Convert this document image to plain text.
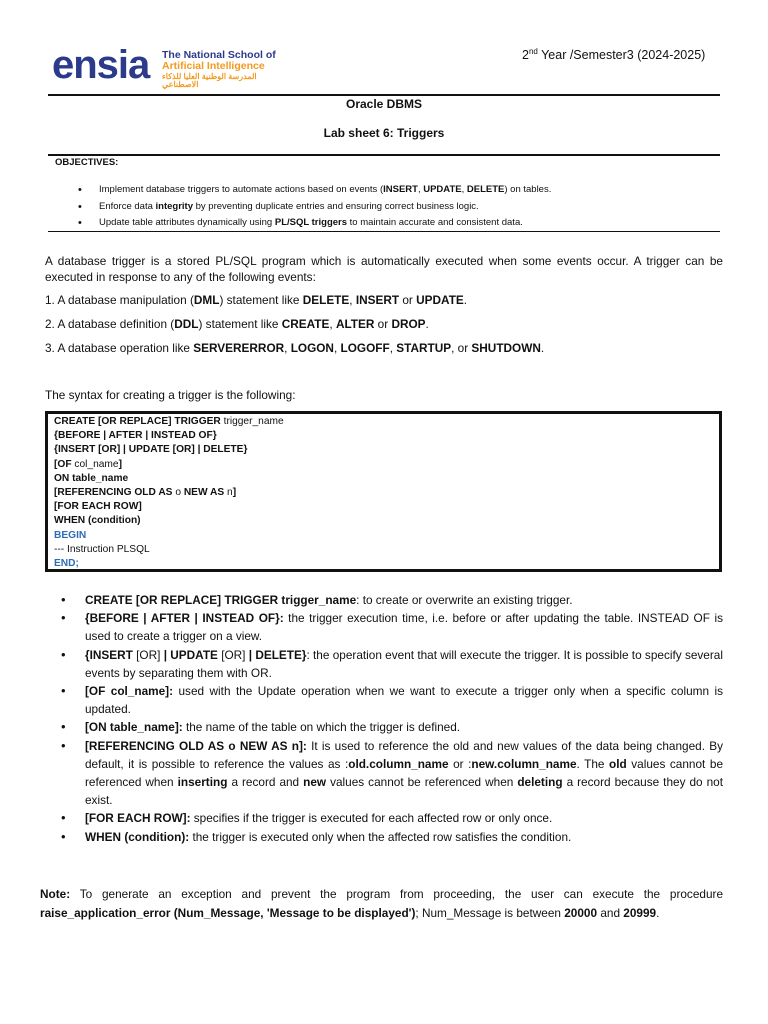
ensia The National School of
Artificial Intelligence
المدرسة الوطنية العليا للذكاء الاصطناعي
2nd Year /Semester3 (2024-2025)
Oracle DBMS
Lab sheet 6: Triggers
OBJECTIVES:
• Implement database triggers to automate actions based on events (INSERT, UPDATE, DELETE) on tables.
• Enforce data integrity by preventing duplicate entries and ensuring correct business logic.
• Update table attributes dynamically using PL/SQL triggers to maintain accurate and consistent data.
A database trigger is a stored PL/SQL program which is automatically executed when some events occur. A trigger can be executed in response to any of the following events:
1. A database manipulation (DML) statement like DELETE, INSERT or UPDATE.
2. A database definition (DDL) statement like CREATE, ALTER or DROP.
3. A database operation like SERVERERROR, LOGON, LOGOFF, STARTUP, or SHUTDOWN.
The syntax for creating a trigger is the following:
CREATE [OR REPLACE] TRIGGER trigger_name
{BEFORE | AFTER | INSTEAD OF}
{INSERT [OR] | UPDATE [OR] | DELETE}
[OF col_name]
ON table_name
[REFERENCING OLD AS o NEW AS n]
[FOR EACH ROW]
WHEN (condition)
BEGIN
--- Instruction PLSQL
END;
• CREATE [OR REPLACE] TRIGGER trigger_name: to create or overwrite an existing trigger.
• {BEFORE | AFTER | INSTEAD OF}: the trigger execution time, i.e. before or after updating the table. INSTEAD OF is used to create a trigger on a view.
• {INSERT [OR] | UPDATE [OR] | DELETE}: the operation event that will execute the trigger. It is possible to specify several events by separating them with OR.
• [OF col_name]: used with the Update operation when we want to execute a trigger only when a specific column is updated.
• [ON table_name]: the name of the table on which the trigger is defined.
• [REFERENCING OLD AS o NEW AS n]: It is used to reference the old and new values of the data being changed. By default, it is possible to reference the values as :old.column_name or :new.column_name. The old values cannot be referenced when inserting a record and new values cannot be referenced when deleting a record because they do not exist.
• [FOR EACH ROW]: specifies if the trigger is executed for each affected row or only once.
• WHEN (condition): the trigger is executed only when the affected row satisfies the condition.
Note: To generate an exception and prevent the program from proceeding, the user can execute the procedure raise_application_error (Num_Message, 'Message to be displayed'); Num_Message is between 20000 and 20999.
